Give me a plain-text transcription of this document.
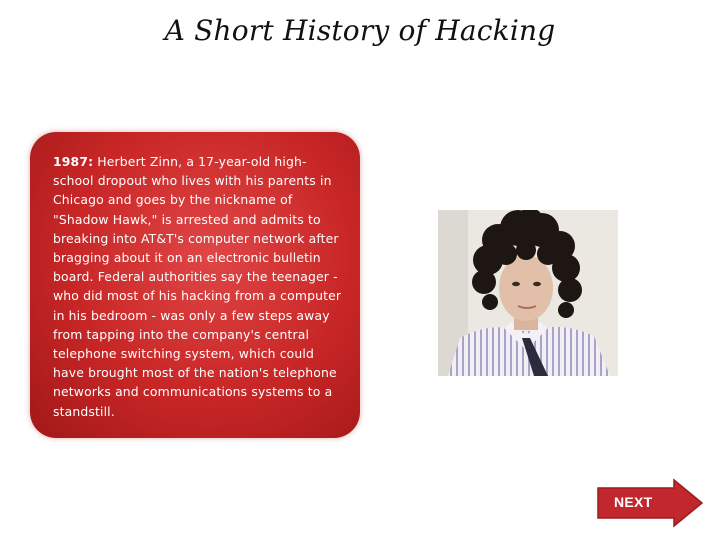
A Short History of Hacking
1987: Herbert Zinn, a 17-year-old high-school dropout who lives with his parents in Chicago and goes by the nickname of "Shadow Hawk," is arrested and admits to breaking into AT&T's computer network after bragging about it on an electronic bulletin board. Federal authorities say the teenager - who did most of his hacking from a computer in his bedroom - was only a few steps away from tapping into the company's central telephone switching system, which could have brought most of the nation's telephone networks and communications systems to a standstill.
NEXT
